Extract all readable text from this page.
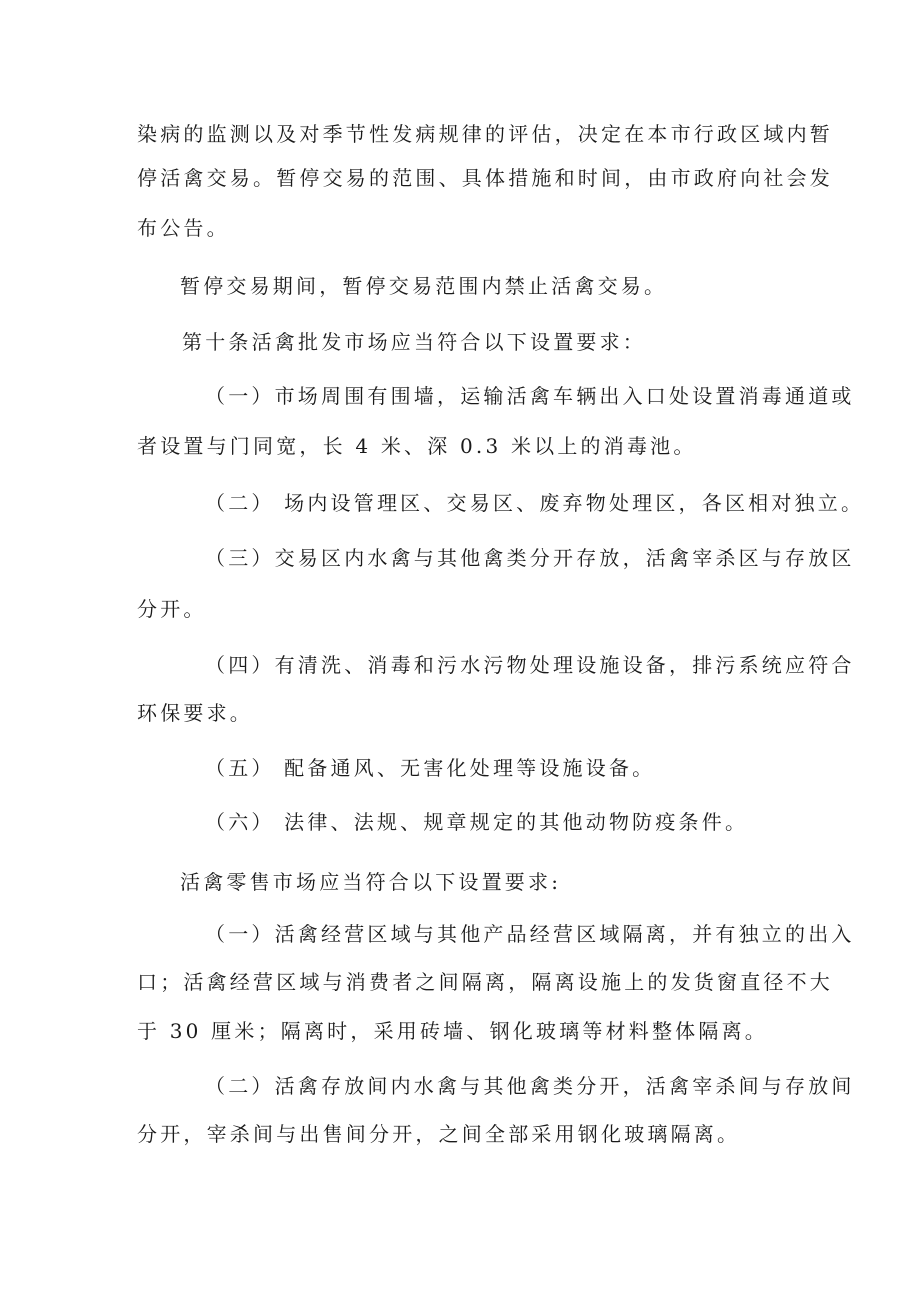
染病的监测以及对季节性发病规律的评估，决定在本市行政区域内暂
停活禽交易。暂停交易的范围、具体措施和时间，由市政府向社会发
布公告。
暂停交易期间，暂停交易范围内禁止活禽交易。
第十条活禽批发市场应当符合以下设置要求：
（一）市场周围有围墙，运输活禽车辆出入口处设置消毒通道或
者设置与门同宽，长 4 米、深 0.3 米以上的消毒池。
（二） 场内设管理区、交易区、废弃物处理区，各区相对独立。
（三）交易区内水禽与其他禽类分开存放，活禽宰杀区与存放区
分开。
（四）有清洗、消毒和污水污物处理设施设备，排污系统应符合
环保要求。
（五） 配备通风、无害化处理等设施设备。
（六） 法律、法规、规章规定的其他动物防疫条件。
活禽零售市场应当符合以下设置要求:
（一）活禽经营区域与其他产品经营区域隔离，并有独立的出入
口；活禽经营区域与消费者之间隔离，隔离设施上的发货窗直径不大
于 30 厘米；隔离时，采用砖墙、钢化玻璃等材料整体隔离。
（二）活禽存放间内水禽与其他禽类分开，活禽宰杀间与存放间
分开，宰杀间与出售间分开，之间全部采用钢化玻璃隔离。
